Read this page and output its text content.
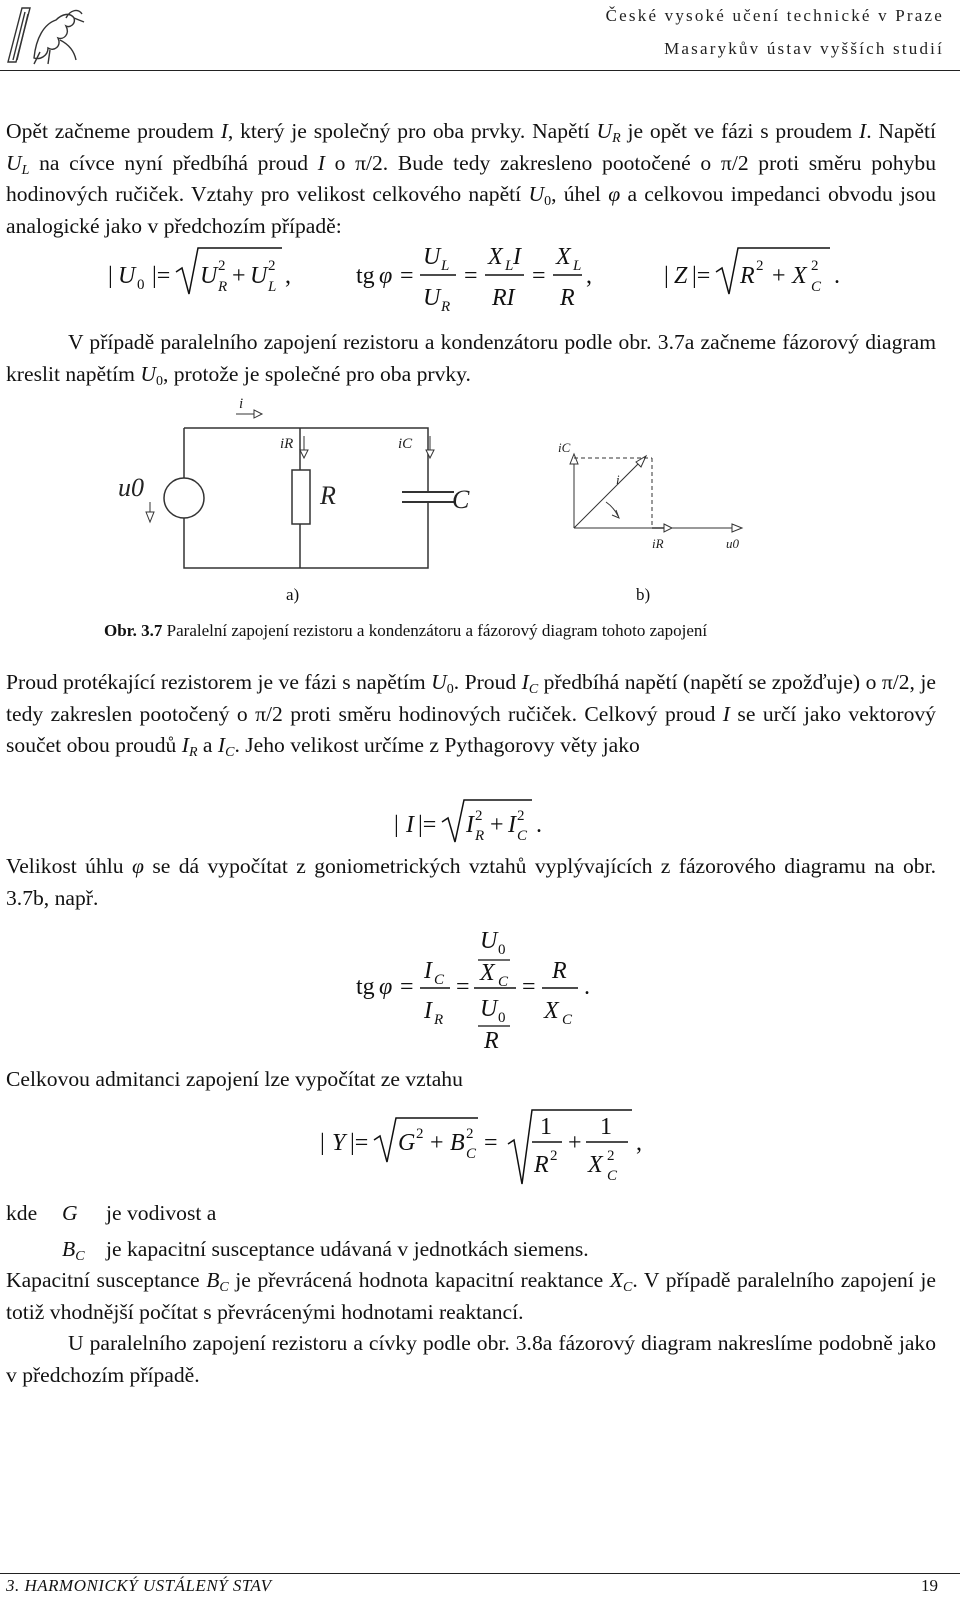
České vysoké učení technické v Praze
Masarykův ústav vyšších studií

Opět začneme proudem I, který je společný pro oba prvky. Napětí $U_R$ je opět ve fázi s proudem I. Napětí $U_L$ na cívce nyní předbíhá proud I o π/2. Bude tedy zakresleno pootočené o π/2 proti směru pohybu hodinových ručiček. Vztahy pro velikost celkového napětí $U_0$, úhel φ a celkovou impedanci obvodu jsou analogické jako v předchozím případě:

| U 0 |= U 2
R + U 2
L ,	tg φ =
U L
U R
=
X L I
RI
=
X L
R
,	| Z |= R 2 + X 2
C .

V případě paralelního zapojení rezistoru a kondenzátoru podle obr. 3.7a začneme fázorový diagram kreslit napětím $U_0$, protože je společné pro oba prvky.

i
iR	iC
u0	R	C
iC
i
iR	u0
a)	b)
Obr. 3.7 Paralelní zapojení rezistoru a kondenzátoru a fázorový diagram tohoto zapojení

Proud protékající rezistorem je ve fázi s napětím $U_0$. Proud $I_C$ předbíhá napětí (napětí se zpožďuje) o π/2, je tedy zakreslen pootočený o π/2 proti směru hodinových ručiček. Celkový proud I se určí jako vektorový součet obou proudů $I_R$ a $I_C$. Jeho velikost určíme z Pythagorovy věty jako

| I |= I 2
R + I 2
C .

Velikost úhlu φ se dá vypočítat z goniometrických vztahů vyplývajících z fázorového diagramu na obr. 3.7b, např.

tg φ =
I C
I R
=
U 0
X C
U 0
R
=
R
X C
.

Celkovou admitanci zapojení lze vypočítat ze vztahu

| Y |= G 2 + B 2
C =
1
R 2 +
1
X 2
C
,
kde G je vodivost a
$B_C$ je kapacitní susceptance udávaná v jednotkách siemens.

Kapacitní susceptance $B_C$ je převrácená hodnota kapacitní reaktance $X_C$. V případě paralelního zapojení je totiž vhodnější počítat s převrácenými hodnotami reaktancí.

U paralelního zapojení rezistoru a cívky podle obr. 3.8a fázorový diagram nakreslíme podobně jako v předchozím případě.
3. HARMONICKÝ USTÁLENÝ STAV	19
